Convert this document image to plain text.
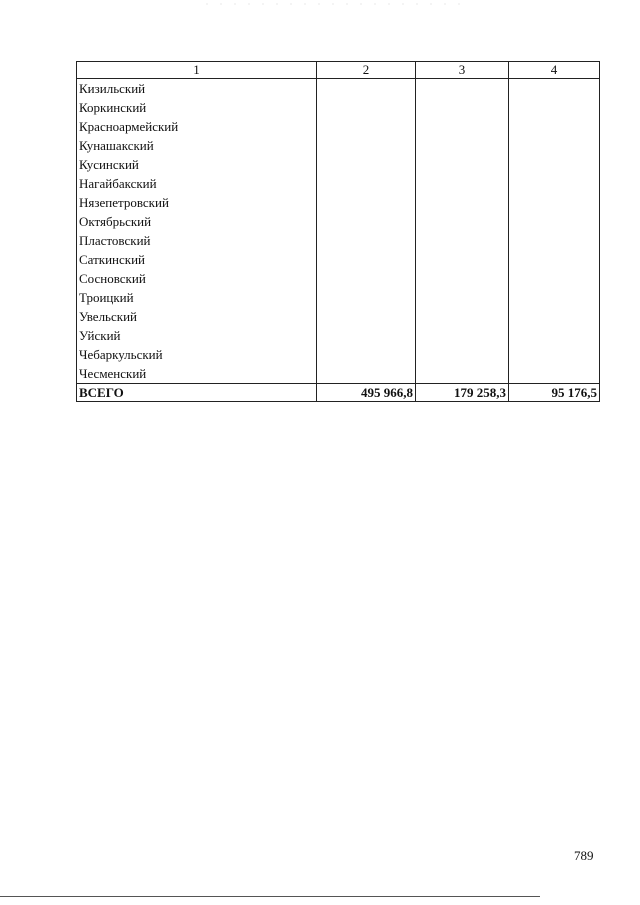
1	2	3	4
Кизильский			
Коркинский			
Красноармейский			
Кунашакский			
Кусинский			
Нагайбакский			
Нязепетровский			
Октябрьский			
Пластовский			
Саткинский			
Сосновский			
Троицкий			
Увельский			
Уйский			
Чебаркульский			
Чесменский			
ВСЕГО	495 966,8	179 258,3	95 176,5
789
